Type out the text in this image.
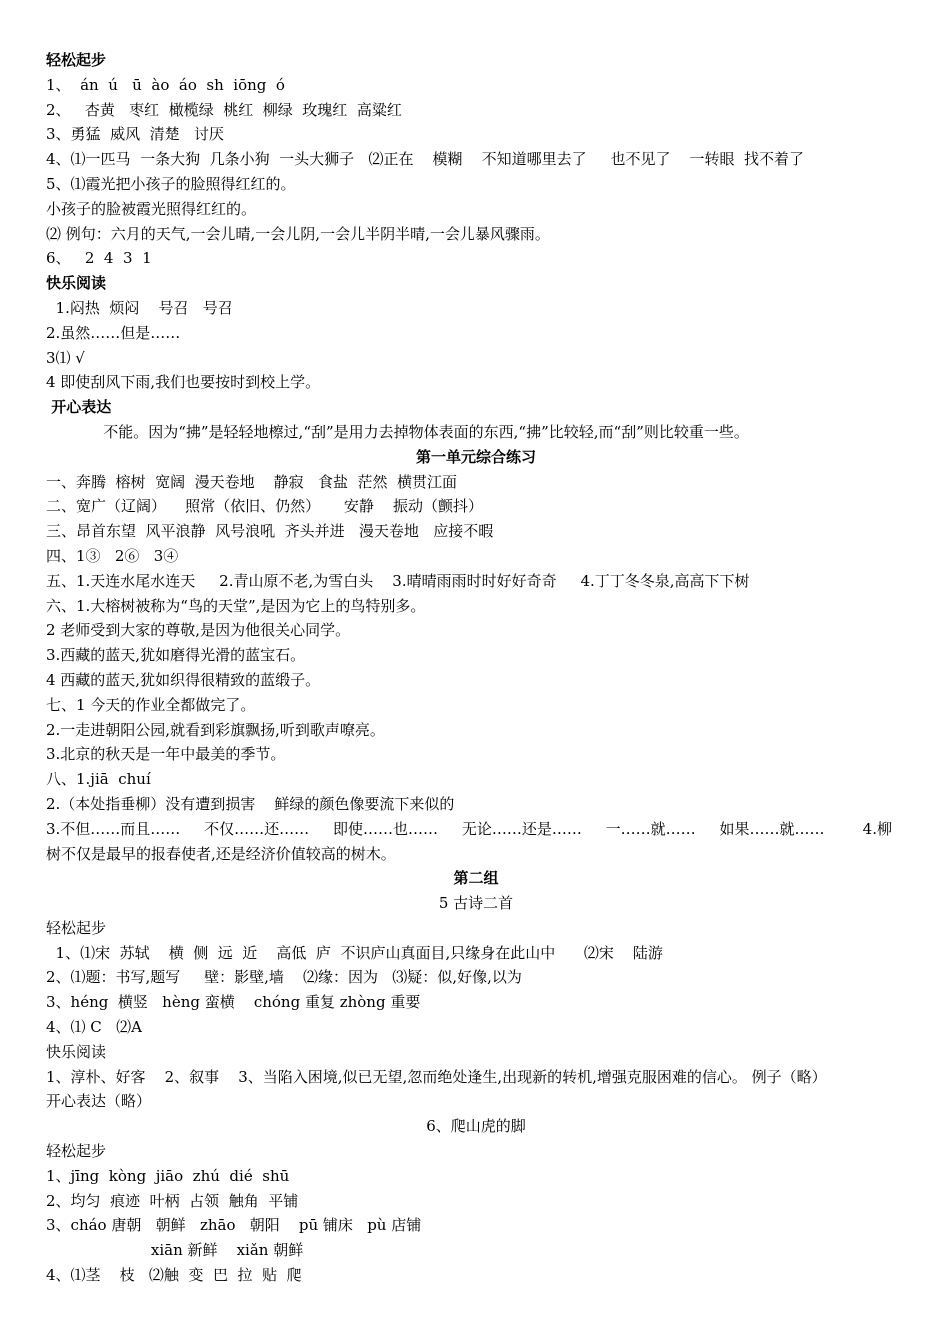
轻松起步
1、  án  ú   ū  ào  áo  sh  iōng  ó
2、   杏黄   枣红  橄榄绿  桃红  柳绿  玫瑰红  高粱红
3、勇猛  威风  清楚   讨厌
4、⑴一匹马  一条大狗  几条小狗  一头大狮子   ⑵正在    模糊    不知道哪里去了     也不见了    一转眼  找不着了
5、⑴霞光把小孩子的脸照得红红的。
小孩子的脸被霞光照得红红的。
⑵ 例句：六月的天气,一会儿晴,一会儿阴,一会儿半阴半晴,一会儿暴风骤雨。
6、   2  4  3  1
快乐阅读
1.闷热  烦闷    号召   号召
2.虽然……但是……
3⑴ √
4 即使刮风下雨,我们也要按时到校上学。
开心表达
不能。因为“拂”是轻轻地檫过,“刮”是用力去掉物体表面的东西,“拂”比较轻,而“刮”则比较重一些。
第一单元综合练习
一、奔腾  榕树  宽阔  漫天卷地    静寂   食盐  茫然  横贯江面
二、宽广（辽阔）    照常（依旧、仍然）     安静    振动（颤抖）
三、昂首东望  风平浪静  风号浪吼  齐头并进   漫天卷地   应接不暇
四、1③   2⑥   3④
五、1.天连水尾水连天     2.青山原不老,为雪白头    3.晴晴雨雨时时好好奇奇     4.丁丁冬冬泉,高高下下树
六、1.大榕树被称为“鸟的天堂”,是因为它上的鸟特别多。
2 老师受到大家的尊敬,是因为他很关心同学。
3.西藏的蓝天,犹如磨得光滑的蓝宝石。
4 西藏的蓝天,犹如织得很精致的蓝缎子。
七、1 今天的作业全都做完了。
2.一走进朝阳公园,就看到彩旗飘扬,听到歌声嘹亮。
3.北京的秋天是一年中最美的季节。
八、1.jiā  chuí
2.（本处指垂柳）没有遭到损害    鲜绿的颜色像要流下来似的
3.不但……而且……     不仅……还……     即使……也……     无论……还是……     一……就……     如果……就……        4.柳树不仅是最早的报春使者,还是经济价值较高的树木。
第二组
5 古诗二首
轻松起步
1、⑴宋  苏轼    横  侧  远  近    高低  庐  不识庐山真面目,只缘身在此山中      ⑵宋    陆游
2、⑴题：书写,题写     壁：影壁,墙    ⑵缘：因为   ⑶疑：似,好像,以为
3、héng  横竖   hèng 蛮横    chóng 重复 zhòng 重要
4、⑴ C   ⑵A
快乐阅读
1、淳朴、好客    2、叙事    3、当陷入困境,似已无望,忽而绝处逢生,出现新的转机,增强克服困难的信心。 例子（略）
开心表达（略）
6、爬山虎的脚
轻松起步
1、jīng  kòng  jiāo  zhú  dié  shū
2、均匀  痕迹  叶柄  占领  触角  平铺
3、cháo 唐朝   朝鲜   zhāo   朝阳    pū 铺床   pù 店铺
xiān 新鲜    xiǎn 朝鲜
4、⑴茎    枝   ⑵触  变  巴  拉  贴  爬
